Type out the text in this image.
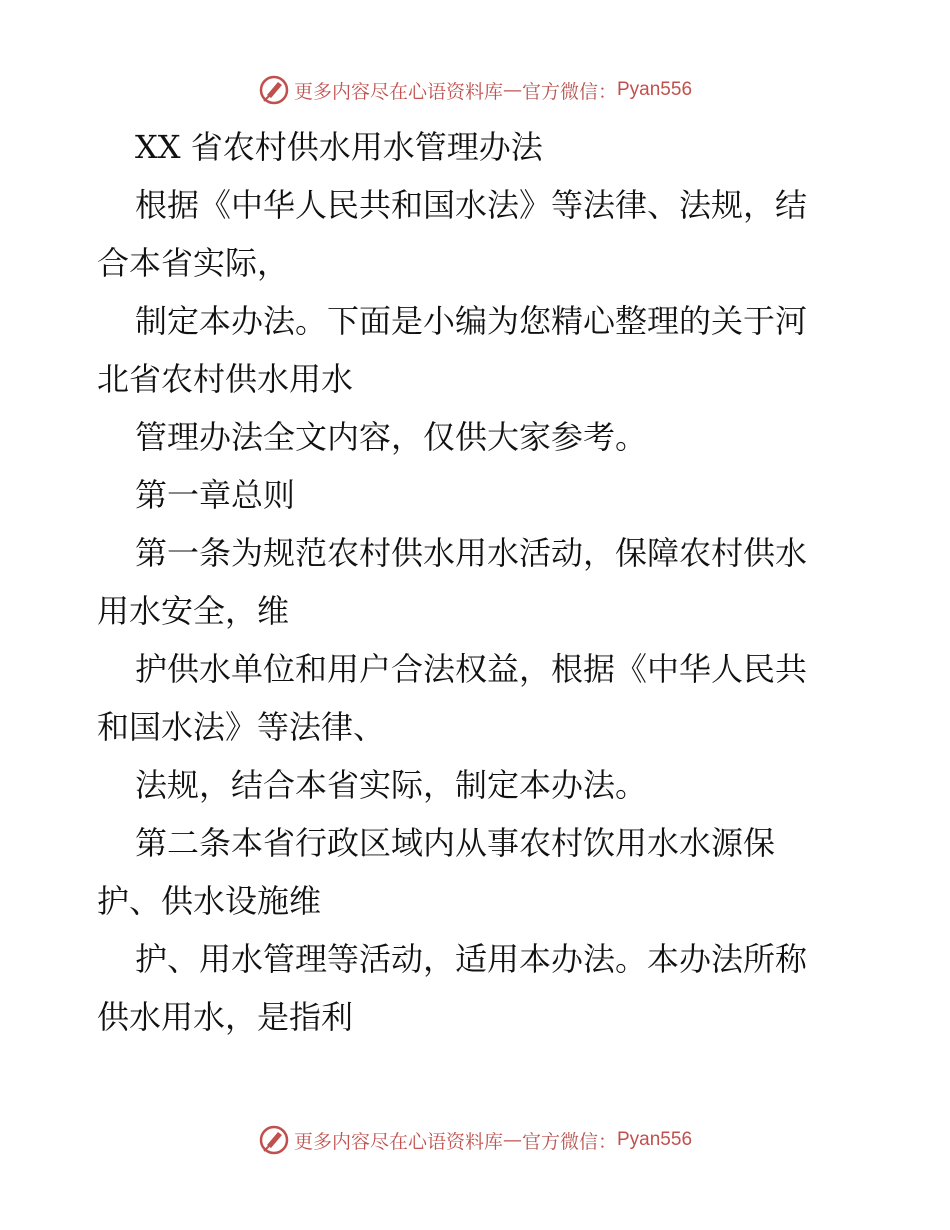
更多内容尽在心语资料库 — 官方微信： Pyan556
XX 省农村供水用水管理办法
根据《中华人民共和国水法》等法律、法规，结
合本省实际，
制定本办法。下面是小编为您精心整理的关于河
北省农村供水用水
管理办法全文内容，仅供大家参考。
第一章总则
第一条为规范农村供水用水活动，保障农村供水
用水安全，维
护供水单位和用户合法权益，根据《中华人民共
和国水法》等法律、
法规，结合本省实际，制定本办法。
第二条本省行政区域内从事农村饮用水水源保
护、供水设施维
护、用水管理等活动，适用本办法。本办法所称
供水用水，是指利
更多内容尽在心语资料库 — 官方微信： Pyan556
